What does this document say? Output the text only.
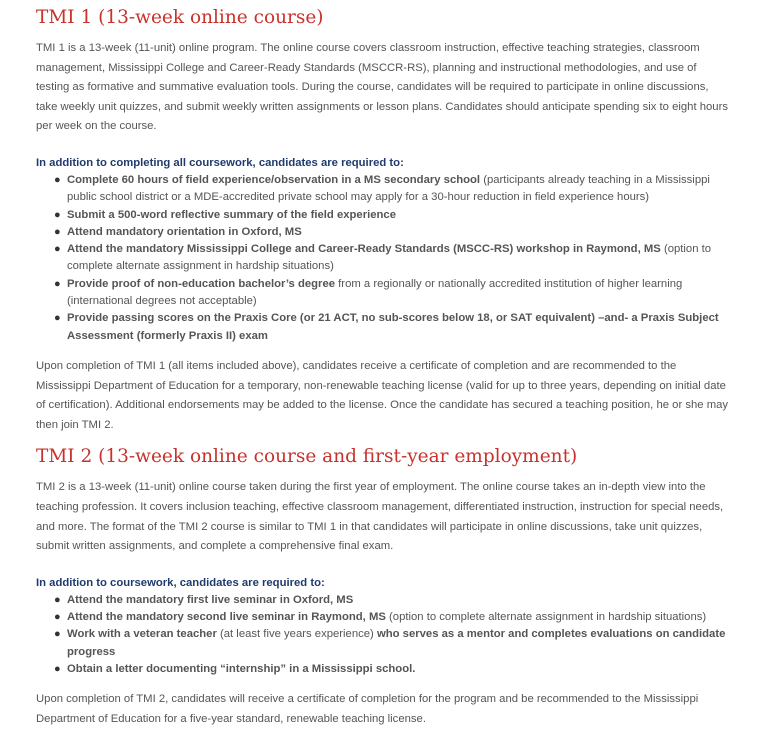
TMI 1 (13-week online course)

TMI 1 is a 13-week (11-unit) online program. The online course covers classroom instruction, effective teaching strategies, classroom management, Mississippi College and Career-Ready Standards (MSCCR-RS), planning and instructional methodologies, and use of testing as formative and summative evaluation tools. During the course, candidates will be required to participate in online discussions, take weekly unit quizzes, and submit weekly written assignments or lesson plans. Candidates should anticipate spending six to eight hours per week on the course.

In addition to completing all coursework, candidates are required to:
● Complete 60 hours of field experience/observation in a MS secondary school (participants already teaching in a Mississippi public school district or a MDE-accredited private school may apply for a 30-hour reduction in field experience hours)
● Submit a 500-word reflective summary of the field experience
● Attend mandatory orientation in Oxford, MS
● Attend the mandatory Mississippi College and Career-Ready Standards (MSCC-RS) workshop in Raymond, MS (option to complete alternate assignment in hardship situations)
● Provide proof of non-education bachelor’s degree from a regionally or nationally accredited institution of higher learning (international degrees not acceptable)
● Provide passing scores on the Praxis Core (or 21 ACT, no sub-scores below 18, or SAT equivalent) –and- a Praxis Subject Assessment (formerly Praxis II) exam

Upon completion of TMI 1 (all items included above), candidates receive a certificate of completion and are recommended to the Mississippi Department of Education for a temporary, non-renewable teaching license (valid for up to three years, depending on initial date of certification). Additional endorsements may be added to the license. Once the candidate has secured a teaching position, he or she may then join TMI 2.

TMI 2 (13-week online course and first-year employment)

TMI 2 is a 13-week (11-unit) online course taken during the first year of employment. The online course takes an in-depth view into the teaching profession. It covers inclusion teaching, effective classroom management, differentiated instruction, instruction for special needs, and more. The format of the TMI 2 course is similar to TMI 1 in that candidates will participate in online discussions, take unit quizzes, submit written assignments, and complete a comprehensive final exam.

In addition to coursework, candidates are required to:
● Attend the mandatory first live seminar in Oxford, MS
● Attend the mandatory second live seminar in Raymond, MS (option to complete alternate assignment in hardship situations)
● Work with a veteran teacher (at least five years experience) who serves as a mentor and completes evaluations on candidate progress
● Obtain a letter documenting “internship” in a Mississippi school.

Upon completion of TMI 2, candidates will receive a certificate of completion for the program and be recommended to the Mississippi Department of Education for a five-year standard, renewable teaching license.
